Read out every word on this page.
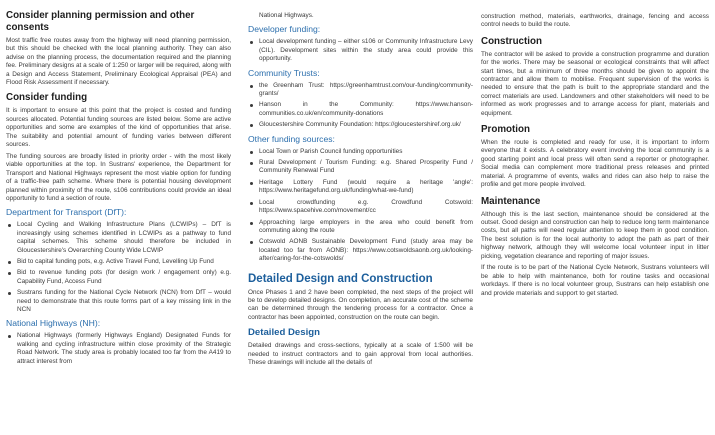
Consider planning permission and other consents

Most traffic free routes away from the highway will need planning permission, but this should be checked with the local planning authority. They can also advise on the planning process, the documentation required and the planning fee. Preliminary designs at a scale of 1:250 or larger will be required, along with a Design and Access Statement, Preliminary Ecological Appraisal (PEA) and Flood Risk Assessment if necessary.

Consider funding

It is important to ensure at this point that the project is costed and funding sources allocated. Potential funding sources are listed below. Some are active opportunities and some are examples of the kind of opportunities that arise. The suitability and potential amount of funding varies between different sources.

The funding sources are broadly listed in priority order - with the most likely viable opportunities at the top. In Sustrans' experience, the Department for Transport and National Highways represent the most viable option for funding of a traffic-free path scheme. Where there is potential housing development planned within proximity of the route, s106 contributions could provide an ideal opportunity to fund a section of route.

Department for Transport (DfT):
Local Cycling and Walking Infrastructure Plans (LCWIPs) – DfT is increasingly using schemes identified in LCWIPs as a pathway to fund capital schemes. This scheme should therefore be included in Gloucestershire's Overarching County Wide LCWIP
Bid to capital funding pots, e.g. Active Travel Fund, Levelling Up Fund
Bid to revenue funding pots (for design work / engagement only) e.g. Capability Fund, Access Fund
Sustrans funding for the National Cycle Network (NCN) from DfT – would need to demonstrate that this route forms part of a key missing link in the NCN
National Highways (NH):
National Highways (formerly Highways England) Designated Funds for walking and cycling infrastructure within close proximity of the Strategic Road Network. The study area is probably located too far from the A419 to attract interest from
National Highways.
Developer funding:
Local development funding – either s106 or Community Infrastructure Levy (CIL). Development sites within the study area could provide this opportunity.
Community Trusts:
the Greenham Trust: https://greenhamtrust.com/our-funding/community-grants/
Hanson in the Community: https://www.hanson-communities.co.uk/en/community-donations
Gloucestershire Community Foundation: https://gloucestershiref.org.uk/
Other funding sources:
Local Town or Parish Council funding opportunities
Rural Development / Tourism Funding: e.g. Shared Prosperity Fund / Community Renewal Fund
Heritage Lottery Fund (would require a heritage 'angle': https://www.heritagefund.org.uk/funding/what-we-fund)
Local crowdfunding e.g. Crowdfund Cotswold: https://www.spacehive.com/movement/cc
Approaching large employers in the area who could benefit from commuting along the route
Cotswold AONB Sustainable Development Fund (study area may be located too far from AONB): https://www.cotswoldsaonb.org.uk/looking-after/caring-for-the-cotswolds/
Detailed Design and Construction

Once Phases 1 and 2 have been completed, the next steps of the project will be to develop detailed designs. On completion, an accurate cost of the scheme can be determined through the tendering process for a contractor. Once a contractor has been appointed, construction on the route can begin.

Detailed Design

Detailed drawings and cross-sections, typically at a scale of 1:500 will be needed to instruct contractors and to gain approval from local authorities. These drawings will include all the details of

construction method, materials, earthworks, drainage, fencing and access control needs to build the route.

Construction

The contractor will be asked to provide a construction programme and duration for the works. There may be seasonal or ecological constraints that will affect start times, but a minimum of three months should be given to appoint the contractor and allow them to mobilise. Frequent supervision of the works is needed to ensure that the path is built to the appropriate standard and the correct materials are used. Landowners and other stakeholders will need to be informed as work progresses and to arrange access for plant, materials and equipment.

Promotion

When the route is completed and ready for use, it is important to inform everyone that it exists. A celebratory event involving the local community is a good starting point and local press will often send a reporter or photographer. Social media can complement more traditional press releases and printed material. A programme of events, walks and rides can also help to raise the profile and get more people involved.

Maintenance

Although this is the last section, maintenance should be considered at the outset. Good design and construction can help to reduce long term maintenance costs, but all paths will need regular attention to keep them in good condition. The best solution is for the local authority to adopt the path as part of their highway network, although they will welcome local volunteer input in litter picking, vegetation clearance and reporting of major issues.

If the route is to be part of the National Cycle Network, Sustrans volunteers will be able to help with maintenance, both for routine tasks and occasional workdays. If there is no local volunteer group, Sustrans can help establish one and provide materials and support to get started.
